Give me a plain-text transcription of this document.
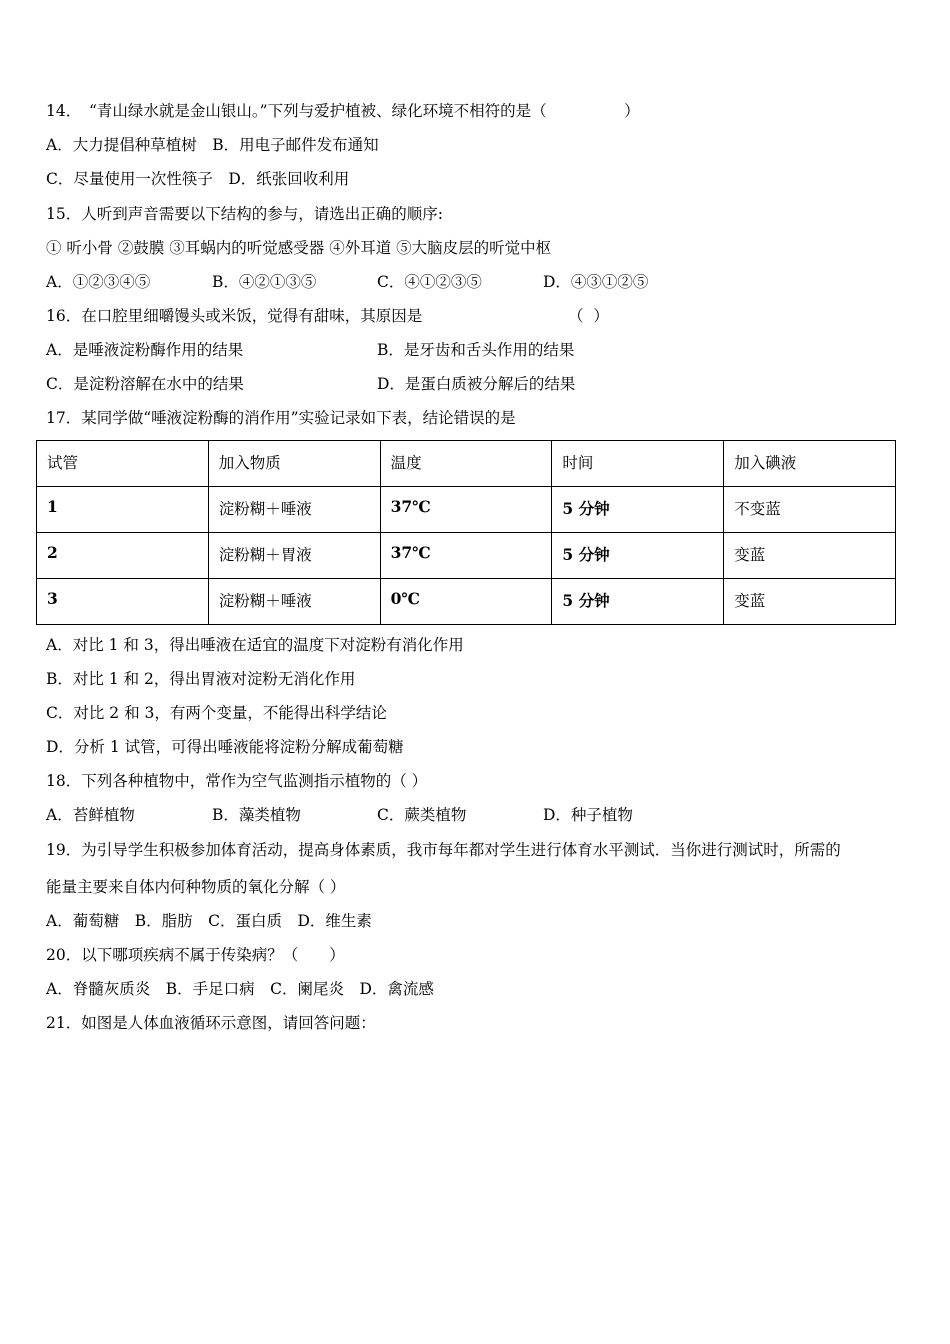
14．　“青山绿水就是金山银山。”下列与爱护植被、绿化环境不相符的是（　　　　　）
A．大力提倡种草植树　B．用电子邮件发布通知
C．尽量使用一次性筷子　D．纸张回收利用
15．人听到声音需要以下结构的参与，请选出正确的顺序:
① 听小骨 ②鼓膜 ③耳蜗内的听觉感受器 ④外耳道 ⑤大脑皮层的听觉中枢

A．①②③④⑤

	B．④②①③⑤

	C．④①②③⑤

	D．④③①②⑤

16．在口腔里细嚼馒头或米饭，觉得有甜味，其原因是

	（  ）

A．是唾液淀粉酶作用的结果

	B．是牙齿和舌头作用的结果

C．是淀粉溶解在水中的结果

	D．是蛋白质被分解后的结果

17．某同学做“唾液淀粉酶的消作用”实验记录如下表，结论错误的是
试管	加入物质	温度	时间	加入碘液
1	淀粉糊＋唾液	37℃	5 分钟	不变蓝
2	淀粉糊＋胃液	37℃	5 分钟	变蓝
3	淀粉糊＋唾液	0℃	5 分钟	变蓝
A．对比 1 和 3，得出唾液在适宜的温度下对淀粉有消化作用
B．对比 1 和 2，得出胃液对淀粉无消化作用
C．对比 2 和 3，有两个变量，不能得出科学结论
D．分析 1 试管，可得出唾液能将淀粉分解成葡萄糖
18．下列各种植物中，常作为空气监测指示植物的（ ）

A．苔鲜植物

	B．藻类植物

	C．蕨类植物

	D．种子植物

19．为引导学生积极参加体育活动，提高身体素质，我市每年都对学生进行体育水平测试．当你进行测试时，所需的
能量主要来自体内何种物质的氧化分解（ ）
A．葡萄糖　B．脂肪　C．蛋白质　D．维生素
20．以下哪项疾病不属于传染病？（　　）
A．脊髓灰质炎　B．手足口病　C．阑尾炎　D．禽流感
21．如图是人体血液循环示意图，请回答问题：
